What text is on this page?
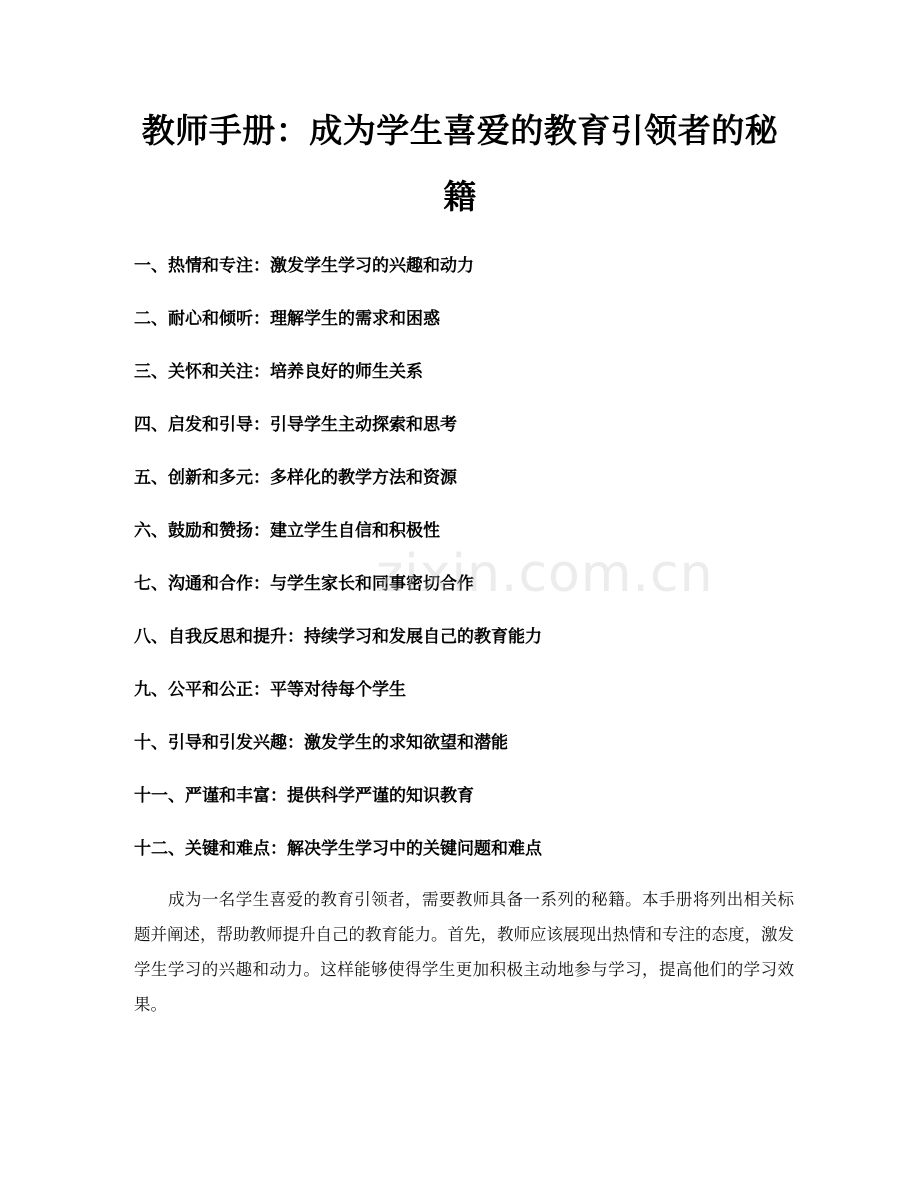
教师手册：成为学生喜爱的教育引领者的秘籍
一、热情和专注：激发学生学习的兴趣和动力
二、耐心和倾听：理解学生的需求和困惑
三、关怀和关注：培养良好的师生关系
四、启发和引导：引导学生主动探索和思考
五、创新和多元：多样化的教学方法和资源
六、鼓励和赞扬：建立学生自信和积极性
七、沟通和合作：与学生家长和同事密切合作
八、自我反思和提升：持续学习和发展自己的教育能力
九、公平和公正：平等对待每个学生
十、引导和引发兴趣：激发学生的求知欲望和潜能
十一、严谨和丰富：提供科学严谨的知识教育
十二、关键和难点：解决学生学习中的关键问题和难点

成为一名学生喜爱的教育引领者，需要教师具备一系列的秘籍。本手册将列出相关标题并阐述，帮助教师提升自己的教育能力。首先，教师应该展现出热情和专注的态度，激发学生学习的兴趣和动力。这样能够使得学生更加积极主动地参与学习，提高他们的学习效果。

zixin.com.cn
